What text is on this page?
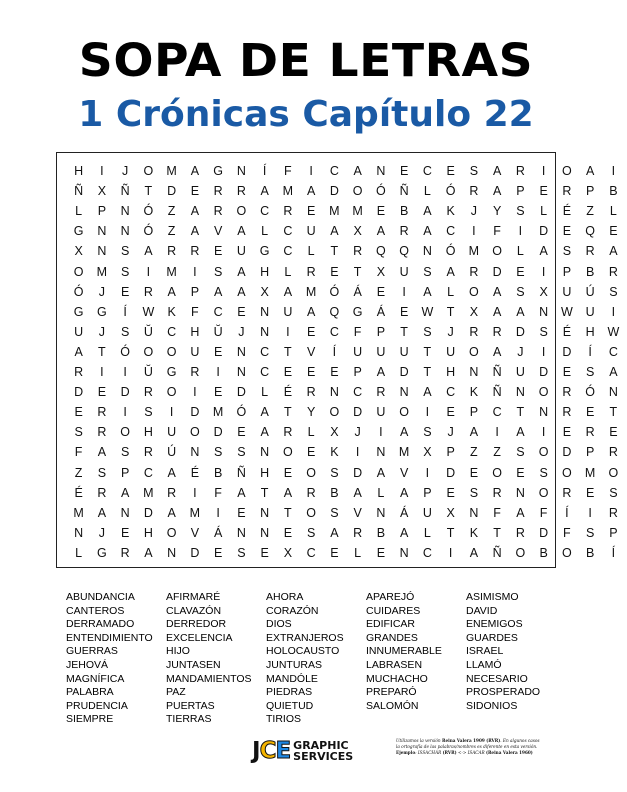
SOPA DE LETRAS
1 Crónicas Capítulo 22
H	I	J	O	M	A	G	N	Í	F	I	C	A	N	E	C	E	S	A	R	I	O	A	I
Ñ	X	Ñ	T	D	E	R	R	A	M	A	D	O	Ó	Ñ	L	Ó	R	A	P	E	R	P	B
L	P	N	Ó	Z	A	R	O	C	R	E	M	M	E	B	A	K	J	Y	S	L	É	Z	L
G	N	N	Ó	Z	A	V	A	L	C	U	A	X	A	R	A	C	I	F	I	D	E	Q	E
X	N	S	A	R	R	E	U	G	C	L	T	R	Q	Q	N	Ó	M	O	L	A	S	R	A
O	M	S	I	M	I	S	A	H	L	R	E	T	X	U	S	A	R	D	E	I	P	B	R
Ó	J	E	R	A	P	A	A	X	A	M	Ó	Á	E	I	A	L	O	A	S	X	U	Ú	S
G	G	Í	W	K	F	C	E	N	U	A	Q	G	Á	E	W	T	X	A	A	N	W	U	I
U	J	S	Ŭ	C	H	Ŭ	J	N	I	E	C	F	P	T	S	J	R	R	D	S	É	H	W
A	T	Ó	O	O	U	E	N	C	T	V	Í	U	U	U	T	U	O	A	J	I	D	Í	C
R	I	I	Ŭ	G	R	I	N	C	E	E	E	P	A	D	T	H	N	Ñ	U	D	E	S	A
D	E	D	R	O	I	E	D	L	É	R	N	C	R	N	A	C	K	Ñ	N	O	R	Ó	N
E	R	I	S	I	D	M	Ó	A	T	Y	O	D	U	O	I	E	P	C	T	N	R	E	T
S	R	O	H	U	O	D	E	A	R	L	X	J	I	A	S	J	A	I	A	I	E	R	E
F	A	S	R	Ú	N	S	S	N	O	E	K	I	N	M	X	P	Z	Z	S	O	D	P	R
Z	S	P	C	A	É	B	Ñ	H	E	O	S	D	A	V	I	D	E	O	E	S	O	M	O
É	R	A	M	R	I	F	A	T	A	R	B	A	L	A	P	E	S	R	N	O	R	E	S
M	A	N	D	A	M	I	E	N	T	O	S	V	N	Á	U	X	N	F	A	F	Í	I	R
N	J	E	H	O	V	Á	N	N	E	S	A	R	B	A	L	T	K	T	R	D	F	S	P
L	G	R	A	N	D	E	S	E	X	C	E	L	E	N	C	I	A	Ñ	O	B	O	B	Í
ABUNDANCIA
CANTEROS
DERRAMADO
ENTENDIMIENTO
GUERRAS
JEHOVÁ
MAGNÍFICA
PALABRA
PRUDENCIA
SIEMPRE
AFIRMARÉ
CLAVAZÓN
DERREDOR
EXCELENCIA
HIJO
JUNTASEN
MANDAMIENTOS
PAZ
PUERTAS
TIERRAS
AHORA
CORAZÓN
DIOS
EXTRANJEROS
HOLOCAUSTO
JUNTURAS
MANDÓLE
PIEDRAS
QUIETUD
TIRIOS
APAREJÓ
CUIDARES
EDIFICAR
GRANDES
INNUMERABLE
LABRASEN
MUCHACHO
PREPARÓ
SALOMÓN
ASIMISMO
DAVID
ENEMIGOS
GUARDES
ISRAEL
LLAMÓ
NECESARIO
PROSPERADO
SIDONIOS
JCE GRAPHIC
SERVICES
Utilizamos la versión Reina Valera 1909 (RVR). En algunos casos
la ortografía de las palabras/nombres es diferente en esta versión.
Ejemplo: ISSACHÁR (RVR) <-> ISACAR (Reina Valera 1960)
